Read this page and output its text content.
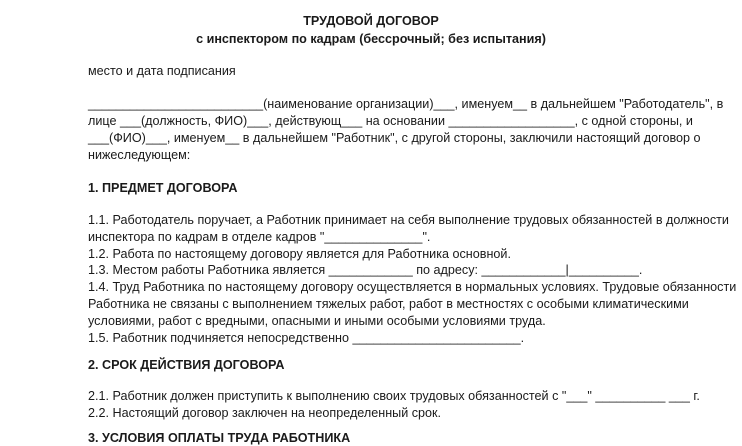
ТРУДОВОЙ ДОГОВОР
с инспектором по кадрам (бессрочный; без испытания)
место и дата подписания
_________________________(наименование организации)___, именуем__ в дальнейшем "Работодатель", в
лице ___(должность, ФИО)___, действующ___ на основании __________________, с одной стороны, и
___(ФИО)___, именуем__ в дальнейшем "Работник", с другой стороны, заключили настоящий договор о
нижеследующем:
1. ПРЕДМЕТ ДОГОВОРА
1.1. Работодатель поручает, а Работник принимает на себя выполнение трудовых обязанностей в должности
инспектора по кадрам в отделе кадров "______________".
1.2. Работа по настоящему договору является для Работника основной.
1.3. Местом работы Работника является ____________ по адресу: ____________|__________.
1.4. Труд Работника по настоящему договору осуществляется в нормальных условиях. Трудовые обязанности
Работника не связаны с выполнением тяжелых работ, работ в местностях с особыми климатическими
условиями, работ с вредными, опасными и иными особыми условиями труда.
1.5. Работник подчиняется непосредственно ________________________.
2. СРОК ДЕЙСТВИЯ ДОГОВОРА
2.1. Работник должен приступить к выполнению своих трудовых обязанностей с "___" __________ ___ г.
2.2. Настоящий договор заключен на неопределенный срок.
3. УСЛОВИЯ ОПЛАТЫ ТРУДА РАБОТНИКА
